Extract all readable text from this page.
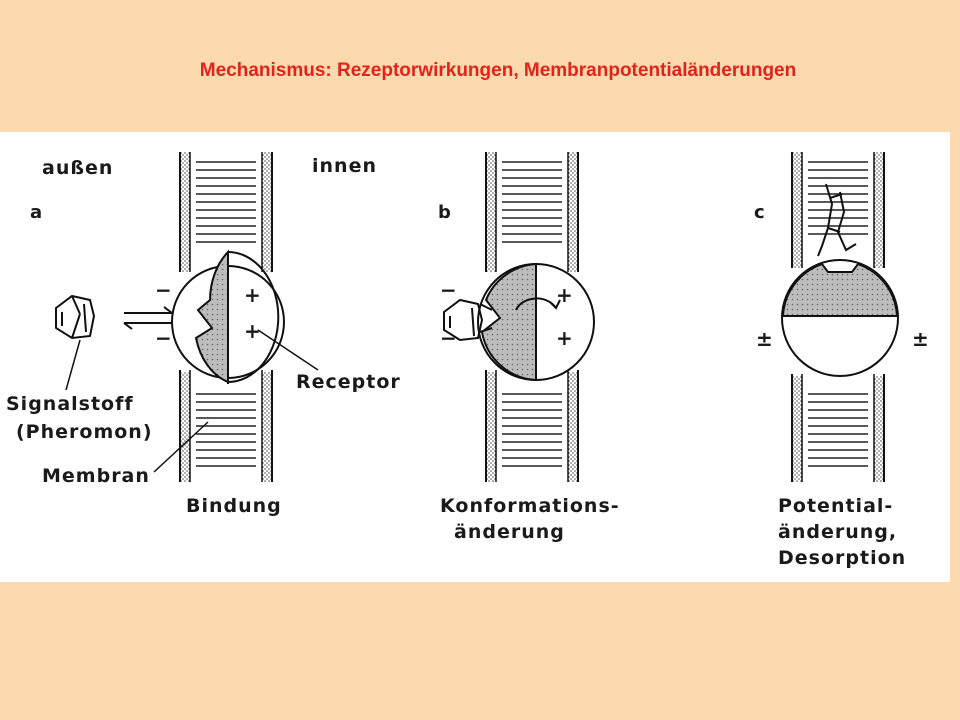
Mechanismus: Rezeptorwirkungen, Membranpotentialänderungen
−
−
+
+
a
außen	innen
Receptor
Signalstoff
(Pheromon)
Membran
Bindung
−
−
+
+
b
Konformations-
änderung
±	±
c
Potential-
änderung,
Desorption
